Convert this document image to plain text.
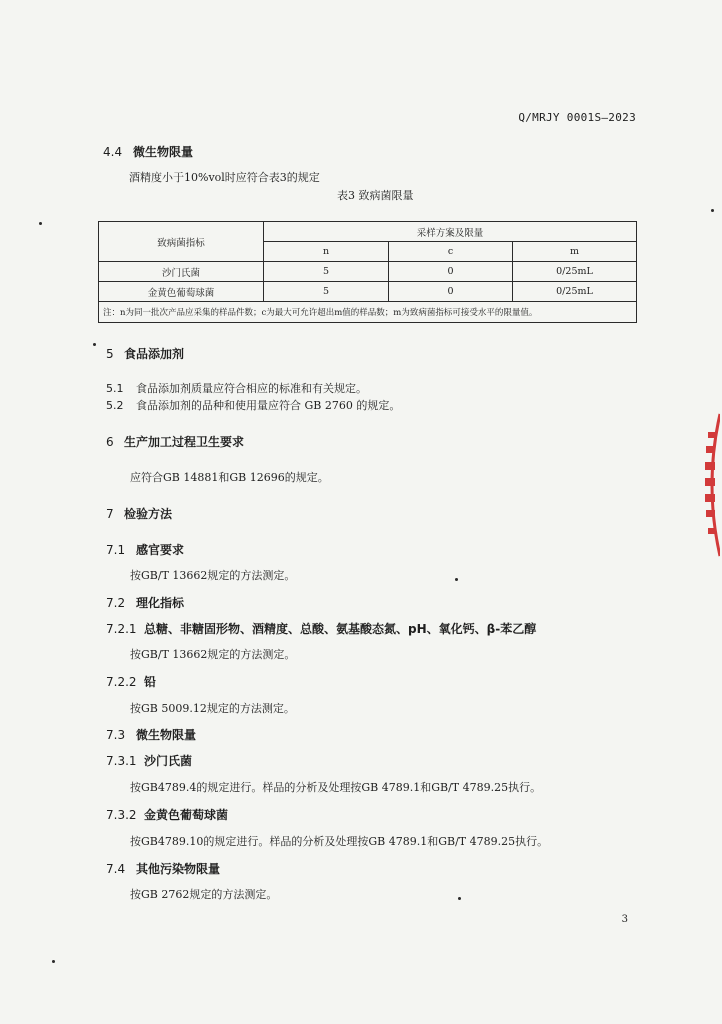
Q/MRJY 0001S—2023
4.4 微生物限量
酒精度小于10%vol时应符合表3的规定
表3 致病菌限量
致病菌指标	采样方案及限量		
	n	c	m
沙门氏菌	5	0	0/25mL
金黄色葡萄球菌	5	0	0/25mL
注：n为同一批次产品应采集的样品件数；c为最大可允许超出m值的样品数；m为致病菌指标可接受水平的限量值。			
5 食品添加剂
5.1 食品添加剂质量应符合相应的标准和有关规定。
5.2 食品添加剂的品种和使用量应符合 GB 2760 的规定。
6 生产加工过程卫生要求
应符合GB 14881和GB 12696的规定。
7 检验方法
7.1 感官要求
按GB/T 13662规定的方法测定。
7.2 理化指标
7.2.1 总糖、非糖固形物、酒精度、总酸、氨基酸态氮、pH、氧化钙、β-苯乙醇
按GB/T 13662规定的方法测定。
7.2.2 铅
按GB 5009.12规定的方法测定。
7.3 微生物限量
7.3.1 沙门氏菌
按GB4789.4的规定进行。样品的分析及处理按GB 4789.1和GB/T 4789.25执行。
7.3.2 金黄色葡萄球菌
按GB4789.10的规定进行。样品的分析及处理按GB 4789.1和GB/T 4789.25执行。
7.4 其他污染物限量
按GB 2762规定的方法测定。
3
